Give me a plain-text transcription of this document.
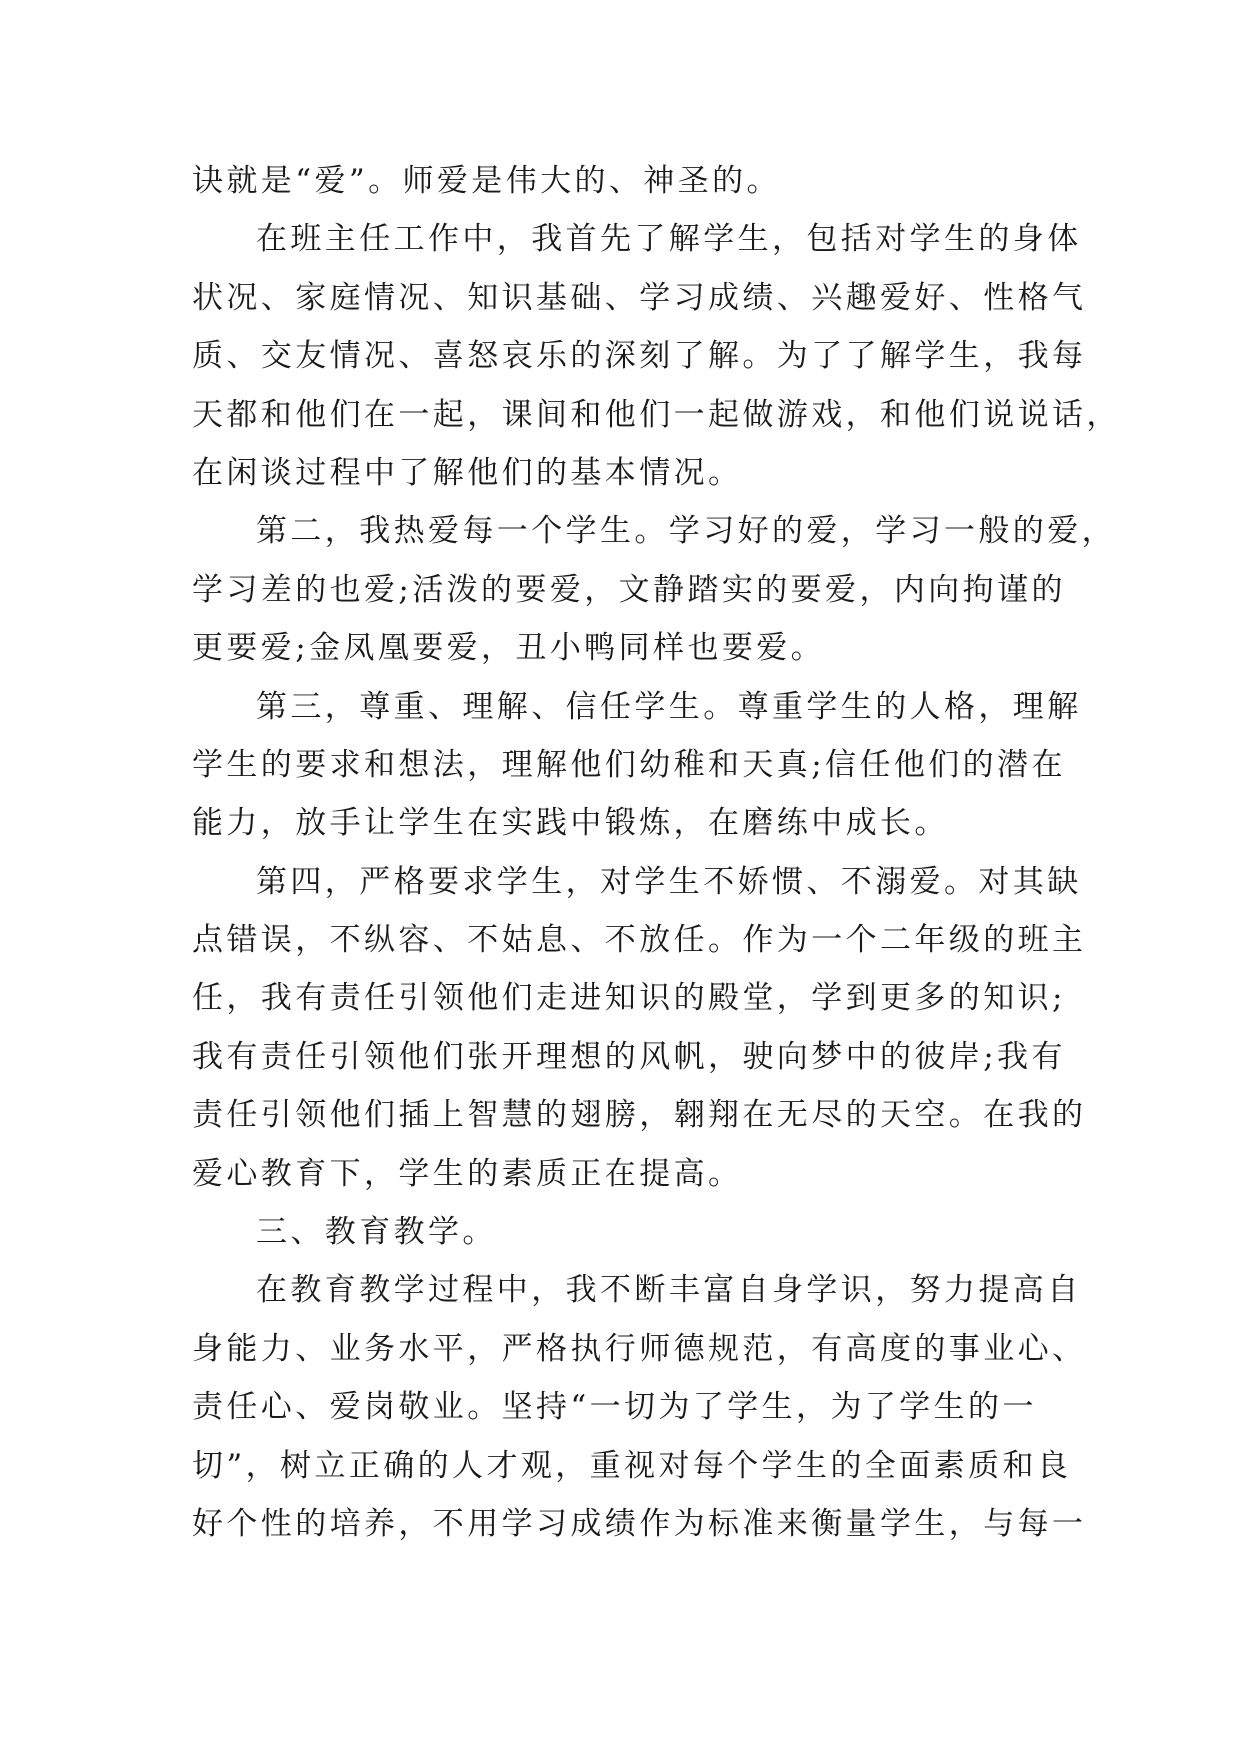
诀就是“爱”。师爱是伟大的、神圣的。
在班主任工作中，我首先了解学生，包括对学生的身体
状况、家庭情况、知识基础、学习成绩、兴趣爱好、性格气
质、交友情况、喜怒哀乐的深刻了解。为了了解学生，我每
天都和他们在一起，课间和他们一起做游戏，和他们说说话，
在闲谈过程中了解他们的基本情况。
第二，我热爱每一个学生。学习好的爱，学习一般的爱，
学习差的也爱;活泼的要爱，文静踏实的要爱，内向拘谨的
更要爱;金凤凰要爱，丑小鸭同样也要爱。
第三，尊重、理解、信任学生。尊重学生的人格，理解
学生的要求和想法，理解他们幼稚和天真;信任他们的潜在
能力，放手让学生在实践中锻炼，在磨练中成长。
第四，严格要求学生，对学生不娇惯、不溺爱。对其缺
点错误，不纵容、不姑息、不放任。作为一个二年级的班主
任，我有责任引领他们走进知识的殿堂，学到更多的知识;
我有责任引领他们张开理想的风帆，驶向梦中的彼岸;我有
责任引领他们插上智慧的翅膀，翱翔在无尽的天空。在我的
爱心教育下，学生的素质正在提高。
三、教育教学。
在教育教学过程中，我不断丰富自身学识，努力提高自
身能力、业务水平，严格执行师德规范，有高度的事业心、
责任心、爱岗敬业。坚持“一切为了学生，为了学生的一
切”，树立正确的人才观，重视对每个学生的全面素质和良
好个性的培养，不用学习成绩作为标准来衡量学生，与每一
